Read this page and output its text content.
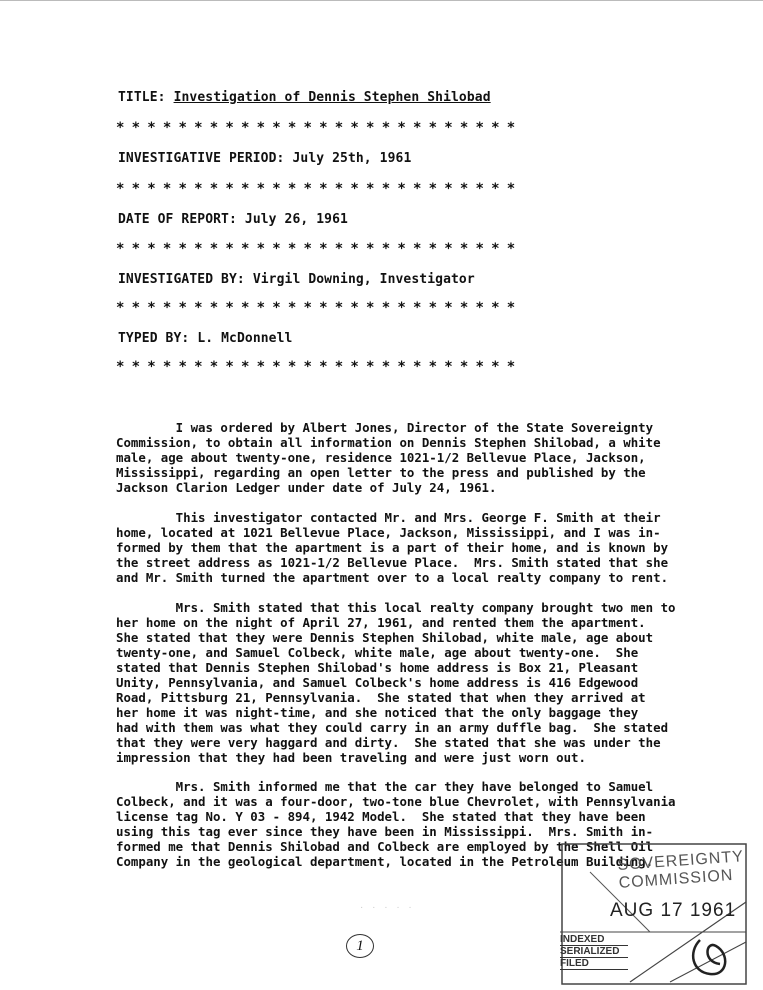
TITLE: Investigation of Dennis Stephen Shilobad
**************************
INVESTIGATIVE PERIOD: July 25th, 1961
**************************
DATE OF REPORT: July 26, 1961
**************************
INVESTIGATED BY: Virgil Downing, Investigator
**************************
TYPED BY: L. McDonnell
**************************
I was ordered by Albert Jones, Director of the State Sovereignty
Commission, to obtain all information on Dennis Stephen Shilobad, a white
male, age about twenty-one, residence 1021-1/2 Bellevue Place, Jackson,
Mississippi, regarding an open letter to the press and published by the
Jackson Clarion Ledger under date of July 24, 1961.
This investigator contacted Mr. and Mrs. George F. Smith at their
home, located at 1021 Bellevue Place, Jackson, Mississippi, and I was in-
formed by them that the apartment is a part of their home, and is known by
the street address as 1021-1/2 Bellevue Place.  Mrs. Smith stated that she
and Mr. Smith turned the apartment over to a local realty company to rent.
Mrs. Smith stated that this local realty company brought two men to
her home on the night of April 27, 1961, and rented them the apartment.
She stated that they were Dennis Stephen Shilobad, white male, age about
twenty-one, and Samuel Colbeck, white male, age about twenty-one.  She
stated that Dennis Stephen Shilobad's home address is Box 21, Pleasant
Unity, Pennsylvania, and Samuel Colbeck's home address is 416 Edgewood
Road, Pittsburg 21, Pennsylvania.  She stated that when they arrived at
her home it was night-time, and she noticed that the only baggage they
had with them was what they could carry in an army duffle bag.  She stated
that they were very haggard and dirty.  She stated that she was under the
impression that they had been traveling and were just worn out.
Mrs. Smith informed me that the car they have belonged to Samuel
Colbeck, and it was a four-door, two-tone blue Chevrolet, with Pennsylvania
license tag No. Y 03 - 894, 1942 Model.  She stated that they have been
using this tag ever since they have been in Mississippi.  Mrs. Smith in-
formed me that Dennis Shilobad and Colbeck are employed by the Shell Oil
Company in the geological department, located in the Petroleum Building.
· · · · ·
1
SOVEREIGNTY COMMISSION
AUG 17 1961
INDEXED
SERIALIZED
FILED
